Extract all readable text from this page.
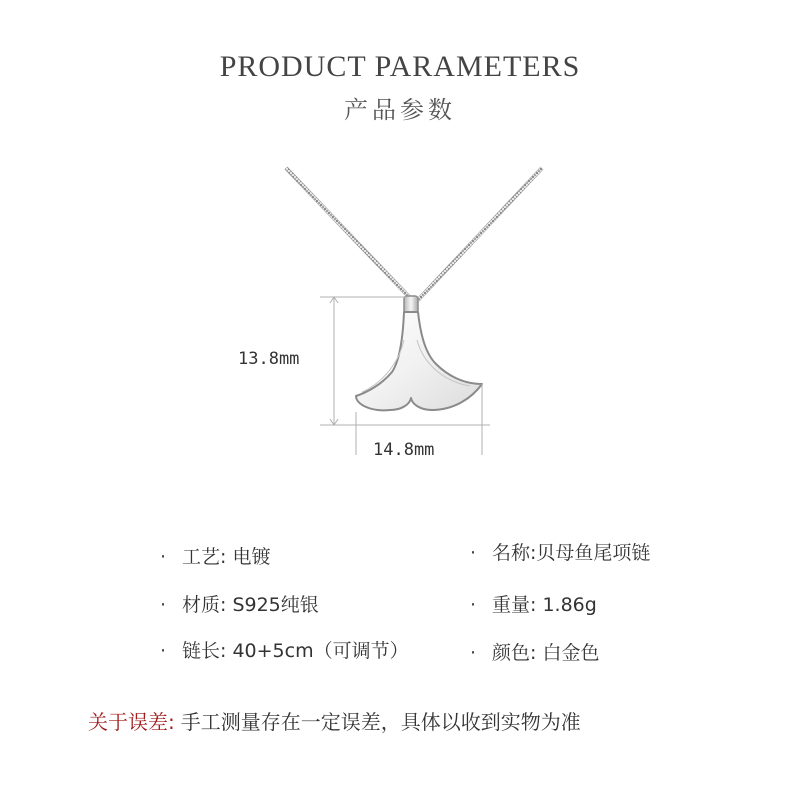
PRODUCT PARAMETERS
产品参数
13.8mm
14.8mm
· 工艺: 电镀	· 名称:贝母鱼尾项链
· 材质: S925纯银	· 重量: 1.86g
· 链长: 40+5cm（可调节）	· 颜色: 白金色
关于误差: 手工测量存在一定误差，具体以收到实物为准
